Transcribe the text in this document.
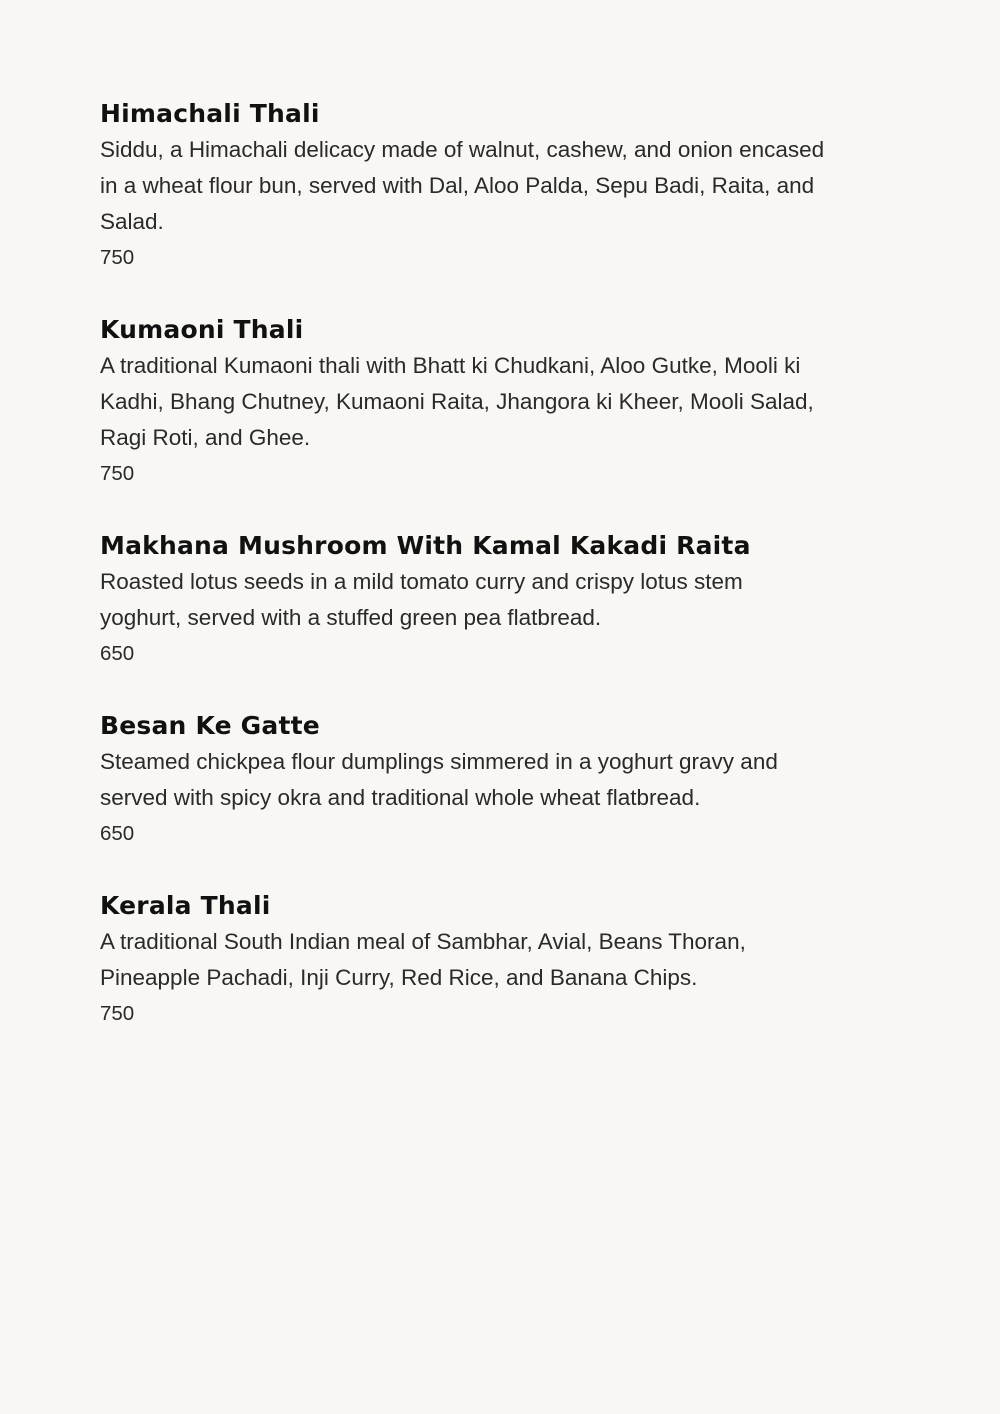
Himachali Thali

Siddu, a Himachali delicacy made of walnut, cashew, and onion encased in a wheat flour bun, served with Dal, Aloo Palda, Sepu Badi, Raita, and Salad.

750

Kumaoni Thali

A traditional Kumaoni thali with Bhatt ki Chudkani, Aloo Gutke, Mooli ki Kadhi, Bhang Chutney, Kumaoni Raita, Jhangora ki Kheer, Mooli Salad, Ragi Roti, and Ghee.

750

Makhana Mushroom With Kamal Kakadi Raita

Roasted lotus seeds in a mild tomato curry and crispy lotus stem yoghurt, served with a stuffed green pea flatbread.

650

Besan Ke Gatte

Steamed chickpea flour dumplings simmered in a yoghurt gravy and served with spicy okra and traditional whole wheat flatbread.

650

Kerala Thali

A traditional South Indian meal of Sambhar, Avial, Beans Thoran, Pineapple Pachadi, Inji Curry, Red Rice, and Banana Chips.

750
